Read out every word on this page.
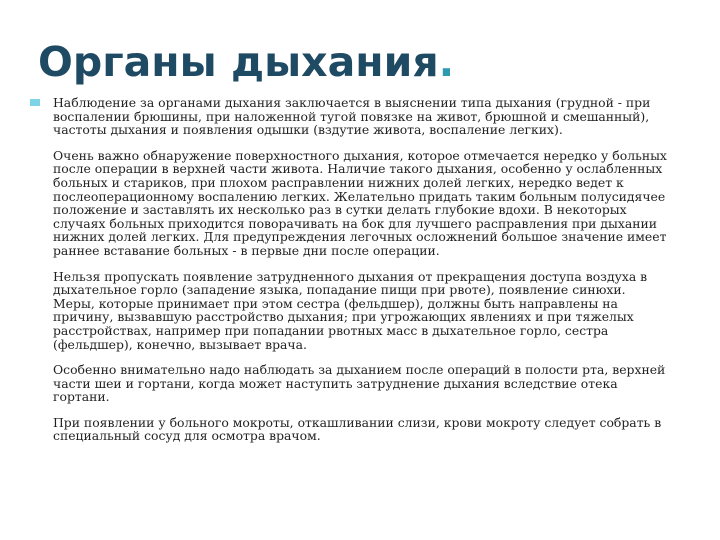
Органы дыхания.

Наблюдение за органами дыхания заключается в выяснении типа дыхания (грудной - при воспалении брюшины, при наложенной тугой повязке на живот, брюшной и смешанный), частоты дыхания и появления одышки (вздутие живота, воспаление легких).

Очень важно обнаружение поверхностного дыхания, которое отмечается нередко у больных после операции в верхней части живота. Наличие такого дыхания, особенно у ослабленных больных и стариков, при плохом расправлении нижних долей легких, нередко ведет к послеоперационному воспалению легких. Желательно придать таким больным полусидячее положение и заставлять их несколько раз в сутки делать глубокие вдохи. В некоторых случаях больных приходится поворачивать на бок для лучшего расправления при дыхании нижних долей легких. Для предупреждения легочных осложнений большое значение имеет раннее вставание больных - в первые дни после операции.

Нельзя пропускать появление затрудненного дыхания от прекращения доступа воздуха в дыхательное горло (западение языка, попадание пищи при рвоте), появление синюхи. Меры, которые принимает при этом сестра (фельдшер), должны быть направлены на причину, вызвавшую расстройство дыхания; при угрожающих явлениях и при тяжелых расстройствах, например при попадании рвотных масс в дыхательное горло, сестра (фельдшер), конечно, вызывает врача.

Особенно внимательно надо наблюдать за дыханием после операций в полости рта, верхней части шеи и гортани, когда может наступить затруднение дыхания вследствие отека гортани.

При появлении у больного мокроты, откашливании слизи, крови мокроту следует собрать в специальный сосуд для осмотра врачом.
